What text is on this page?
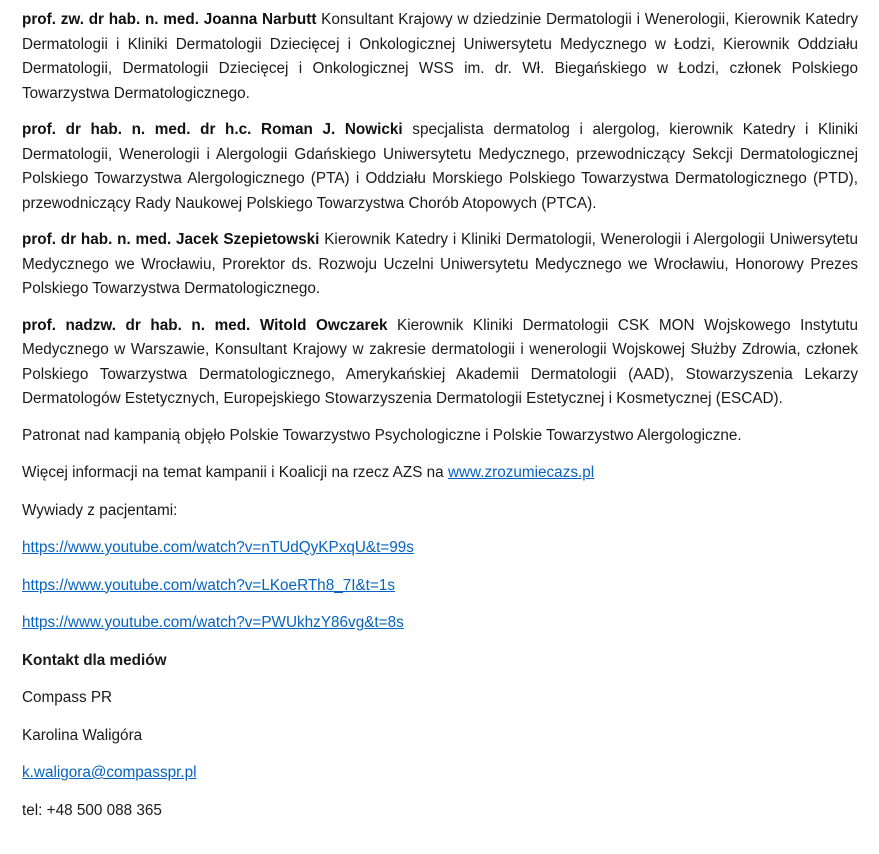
prof. zw. dr hab. n. med. Joanna Narbutt Konsultant Krajowy w dziedzinie Dermatologii i Wenerologii, Kierownik Katedry Dermatologii i Kliniki Dermatologii Dziecięcej i Onkologicznej Uniwersytetu Medycznego w Łodzi, Kierownik Oddziału Dermatologii, Dermatologii Dziecięcej i Onkologicznej WSS im. dr. Wł. Biegańskiego w Łodzi, członek Polskiego Towarzystwa Dermatologicznego.

prof. dr hab. n. med. dr h.c. Roman J. Nowicki specjalista dermatolog i alergolog, kierownik Katedry i Kliniki Dermatologii, Wenerologii i Alergologii Gdańskiego Uniwersytetu Medycznego, przewodniczący Sekcji Dermatologicznej Polskiego Towarzystwa Alergologicznego (PTA) i Oddziału Morskiego Polskiego Towarzystwa Dermatologicznego (PTD), przewodniczący Rady Naukowej Polskiego Towarzystwa Chorób Atopowych (PTCA).

prof. dr hab. n. med. Jacek Szepietowski Kierownik Katedry i Kliniki Dermatologii, Wenerologii i Alergologii Uniwersytetu Medycznego we Wrocławiu, Prorektor ds. Rozwoju Uczelni Uniwersytetu Medycznego we Wrocławiu, Honorowy Prezes Polskiego Towarzystwa Dermatologicznego.

prof. nadzw. dr hab. n. med. Witold Owczarek Kierownik Kliniki Dermatologii CSK MON Wojskowego Instytutu Medycznego w Warszawie, Konsultant Krajowy w zakresie dermatologii i wenerologii Wojskowej Służby Zdrowia, członek Polskiego Towarzystwa Dermatologicznego, Amerykańskiej Akademii Dermatologii (AAD), Stowarzyszenia Lekarzy Dermatologów Estetycznych, Europejskiego Stowarzyszenia Dermatologii Estetycznej i Kosmetycznej (ESCAD).

Patronat nad kampanią objęło Polskie Towarzystwo Psychologiczne i Polskie Towarzystwo Alergologiczne.

Więcej informacji na temat kampanii i Koalicji na rzecz AZS na www.zrozumiecazs.pl

Wywiady z pacjentami:

https://www.youtube.com/watch?v=nTUdQyKPxqU&t=99s

https://www.youtube.com/watch?v=LKoeRTh8_7I&t=1s

https://www.youtube.com/watch?v=PWUkhzY86vg&t=8s

Kontakt dla mediów

Compass PR

Karolina Waligóra

k.waligora@compasspr.pl

tel: +48 500 088 365
